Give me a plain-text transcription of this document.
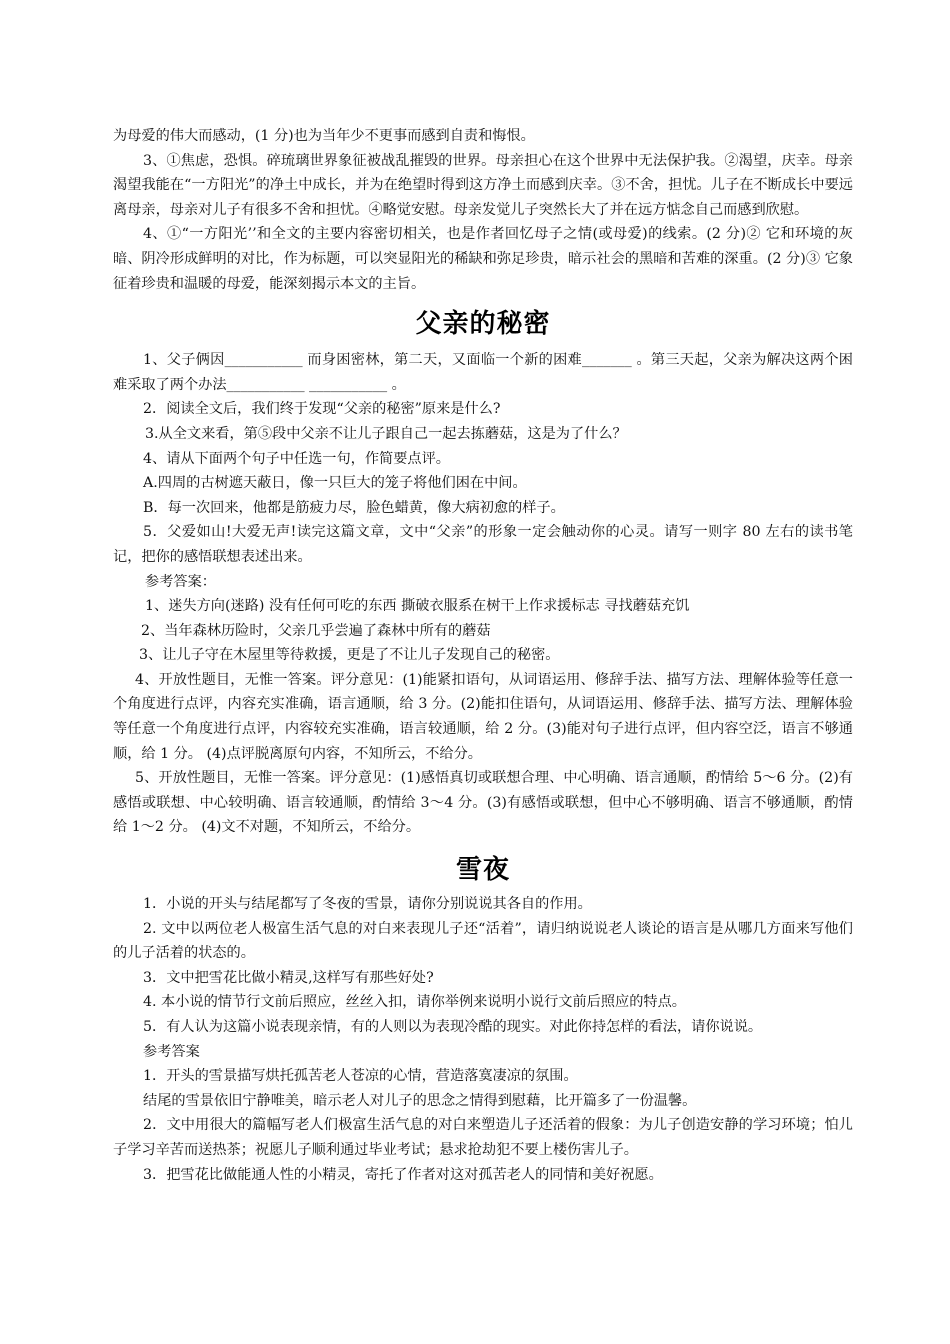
为母爱的伟大而感动，(1 分)也为当年少不更事而感到自责和悔恨。

3、①焦虑，恐惧。碎琉璃世界象征被战乱摧毁的世界。母亲担心在这个世界中无法保护我。②渴望，庆幸。母亲渴望我能在“一方阳光”的净土中成长，并为在绝望时得到这方净土而感到庆幸。③不舍，担忧。儿子在不断成长中要远离母亲，母亲对儿子有很多不舍和担忧。④略觉安慰。母亲发觉儿子突然长大了并在远方惦念自己而感到欣慰。

4、①“一方阳光’’和全文的主要内容密切相关，也是作者回忆母子之情(或母爱)的线索。(2 分)② 它和环境的灰暗、阴冷形成鲜明的对比，作为标题，可以突显阳光的稀缺和弥足珍贵，暗示社会的黑暗和苦难的深重。(2 分)③ 它象征着珍贵和温暖的母爱，能深刻揭示本文的主旨。

父亲的秘密

1、父子俩因___________ 而身困密林，第二天，又面临一个新的困难_______ 。第三天起，父亲为解决这两个困难采取了两个办法___________ ___________ 。

2．阅读全文后，我们终于发现“父亲的秘密”原来是什么?

3.从全文来看，第⑤段中父亲不让儿子跟自己一起去拣蘑菇，这是为了什么？

4、请从下面两个句子中任选一句，作简要点评。

A.四周的古树遮天蔽日，像一只巨大的笼子将他们困在中间。

B．每一次回来，他都是筋疲力尽，脸色蜡黄，像大病初愈的样子。

5．父爱如山!大爱无声!读完这篇文章，文中“父亲”的形象一定会触动你的心灵。请写一则字 80 左右的读书笔记，把你的感悟联想表述出来。

参考答案：

1、迷失方向(迷路) 没有任何可吃的东西 撕破衣服系在树干上作求援标志 寻找蘑菇充饥

2、当年森林历险时，父亲几乎尝遍了森林中所有的蘑菇

3、让儿子守在木屋里等待救援，更是了不让儿子发现自己的秘密。

4、开放性题目，无惟一答案。评分意见：(1)能紧扣语句，从词语运用、修辞手法、描写方法、理解体验等任意一个角度进行点评，内容充实准确，语言通顺，给 3 分。(2)能扣住语句，从词语运用、修辞手法、描写方法、理解体验等任意一个角度进行点评，内容较充实准确，语言较通顺，给 2 分。(3)能对句子进行点评，但内容空泛，语言不够通顺，给 1 分。 (4)点评脱离原句内容，不知所云，不给分。

5、开放性题目，无惟一答案。评分意见：(1)感悟真切或联想合理、中心明确、语言通顺，酌情给 5～6 分。(2)有感悟或联想、中心较明确、语言较通顺，酌情给 3～4 分。(3)有感悟或联想，但中心不够明确、语言不够通顺，酌情给 1～2 分。 (4)文不对题，不知所云，不给分。

雪夜

1．小说的开头与结尾都写了冬夜的雪景，请你分别说说其各自的作用。

2. 文中以两位老人极富生活气息的对白来表现儿子还“活着”，请归纳说说老人谈论的语言是从哪几方面来写他们的儿子活着的状态的。

3．文中把雪花比做小精灵,这样写有那些好处?

4. 本小说的情节行文前后照应，丝丝入扣，请你举例来说明小说行文前后照应的特点。

5．有人认为这篇小说表现亲情，有的人则以为表现冷酷的现实。对此你持怎样的看法，请你说说。

参考答案

1．开头的雪景描写烘托孤苦老人苍凉的心情，营造落寞凄凉的氛围。

结尾的雪景依旧宁静唯美，暗示老人对儿子的思念之情得到慰藉，比开篇多了一份温馨。

2．文中用很大的篇幅写老人们极富生活气息的对白来塑造儿子还活着的假象：为儿子创造安静的学习环境；怕儿子学习辛苦而送热茶；祝愿儿子顺利通过毕业考试；悬求抢劫犯不要上楼伤害儿子。

3．把雪花比做能通人性的小精灵，寄托了作者对这对孤苦老人的同情和美好祝愿。
